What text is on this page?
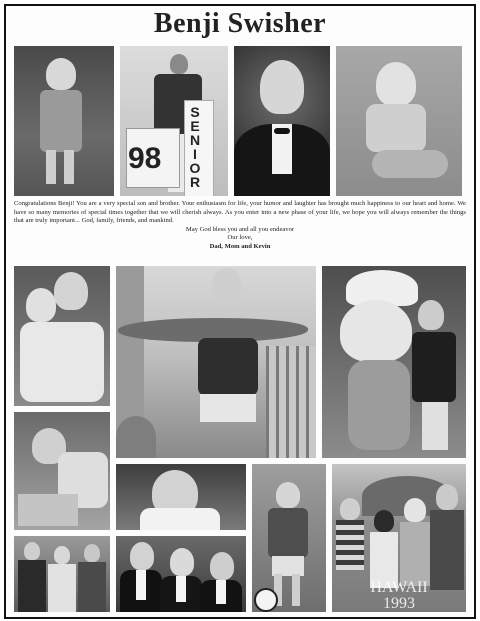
Benji Swisher
98 SENIOR
Congratulations Benji! You are a very special son and brother. Your enthusiasm for life, your humor and laughter has brought much happiness to our heart and home. We have so many memories of special times together that we will cherish always. As you enter into a new phase of your life, we hope you will always remember the things that are truly important... God, family, friends, and mankind.
May God bless you and all you endeavor
Our love,
Dad, Mom and Kevin
HAWAII
1993
